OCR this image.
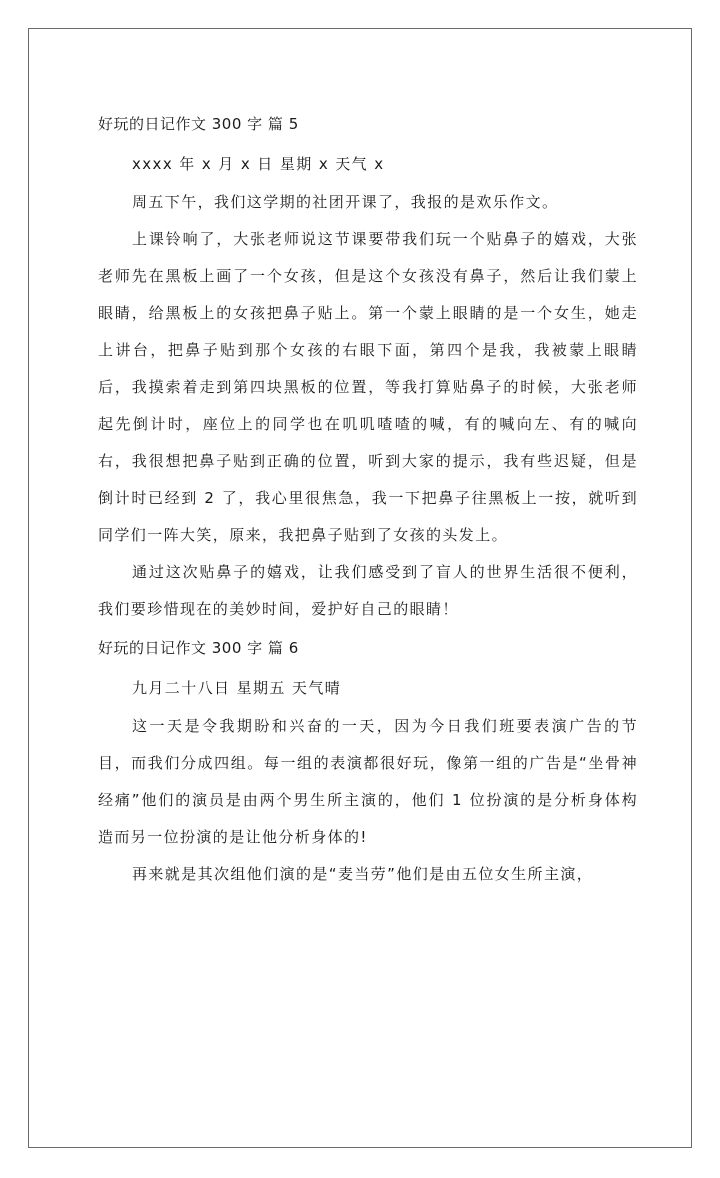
好玩的日记作文 300 字 篇 5
xxxx 年 x 月 x 日 星期 x 天气 x
周五下午，我们这学期的社团开课了，我报的是欢乐作文。
上课铃响了，大张老师说这节课要带我们玩一个贴鼻子的嬉戏，大张老师先在黑板上画了一个女孩，但是这个女孩没有鼻子，然后让我们蒙上眼睛，给黑板上的女孩把鼻子贴上。第一个蒙上眼睛的是一个女生，她走上讲台，把鼻子贴到那个女孩的右眼下面，第四个是我，我被蒙上眼睛后，我摸索着走到第四块黑板的位置，等我打算贴鼻子的时候，大张老师起先倒计时，座位上的同学也在叽叽喳喳的喊，有的喊向左、有的喊向右，我很想把鼻子贴到正确的位置，听到大家的提示，我有些迟疑，但是倒计时已经到 2 了，我心里很焦急，我一下把鼻子往黑板上一按，就听到同学们一阵大笑，原来，我把鼻子贴到了女孩的头发上。
通过这次贴鼻子的嬉戏，让我们感受到了盲人的世界生活很不便利，我们要珍惜现在的美妙时间，爱护好自己的眼睛！
好玩的日记作文 300 字 篇 6
九月二十八日 星期五 天气晴
这一天是令我期盼和兴奋的一天，因为今日我们班要表演广告的节目，而我们分成四组。每一组的表演都很好玩，像第一组的广告是“坐骨神经痛”他们的演员是由两个男生所主演的，他们 1 位扮演的是分析身体构造而另一位扮演的是让他分析身体的!
再来就是其次组他们演的是“麦当劳”他们是由五位女生所主演，
